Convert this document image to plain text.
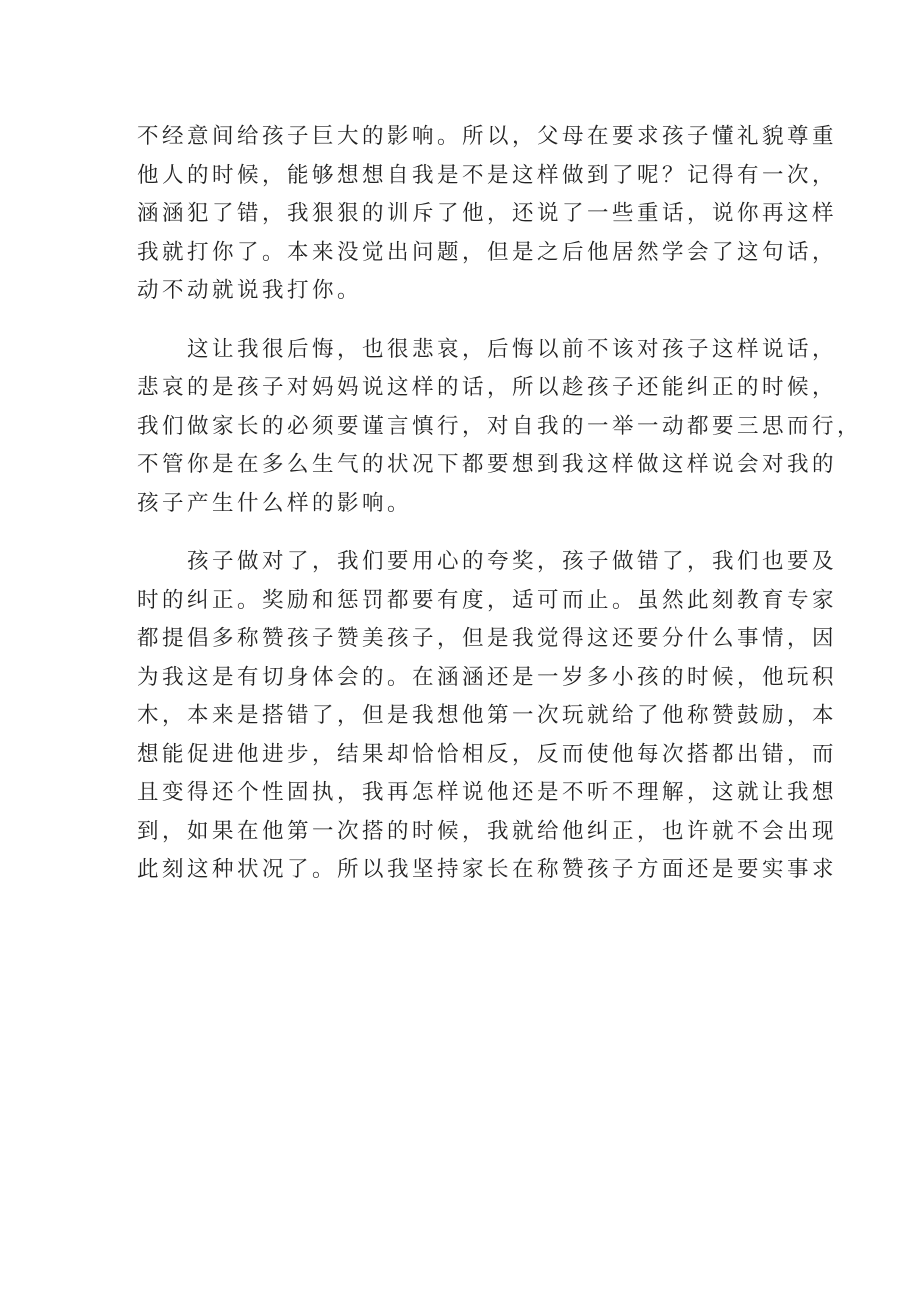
不经意间给孩子巨大的影响。所以，父母在要求孩子懂礼貌尊重
他人的时候，能够想想自我是不是这样做到了呢？记得有一次，
涵涵犯了错，我狠狠的训斥了他，还说了一些重话，说你再这样
我就打你了。本来没觉出问题，但是之后他居然学会了这句话，
动不动就说我打你。
这让我很后悔，也很悲哀，后悔以前不该对孩子这样说话，
悲哀的是孩子对妈妈说这样的话，所以趁孩子还能纠正的时候，
我们做家长的必须要谨言慎行，对自我的一举一动都要三思而行，
不管你是在多么生气的状况下都要想到我这样做这样说会对我的
孩子产生什么样的影响。
孩子做对了，我们要用心的夸奖，孩子做错了，我们也要及
时的纠正。奖励和惩罚都要有度，适可而止。虽然此刻教育专家
都提倡多称赞孩子赞美孩子，但是我觉得这还要分什么事情，因
为我这是有切身体会的。在涵涵还是一岁多小孩的时候，他玩积
木，本来是搭错了，但是我想他第一次玩就给了他称赞鼓励，本
想能促进他进步，结果却恰恰相反，反而使他每次搭都出错，而
且变得还个性固执，我再怎样说他还是不听不理解，这就让我想
到，如果在他第一次搭的时候，我就给他纠正，也许就不会出现
此刻这种状况了。所以我坚持家长在称赞孩子方面还是要实事求
